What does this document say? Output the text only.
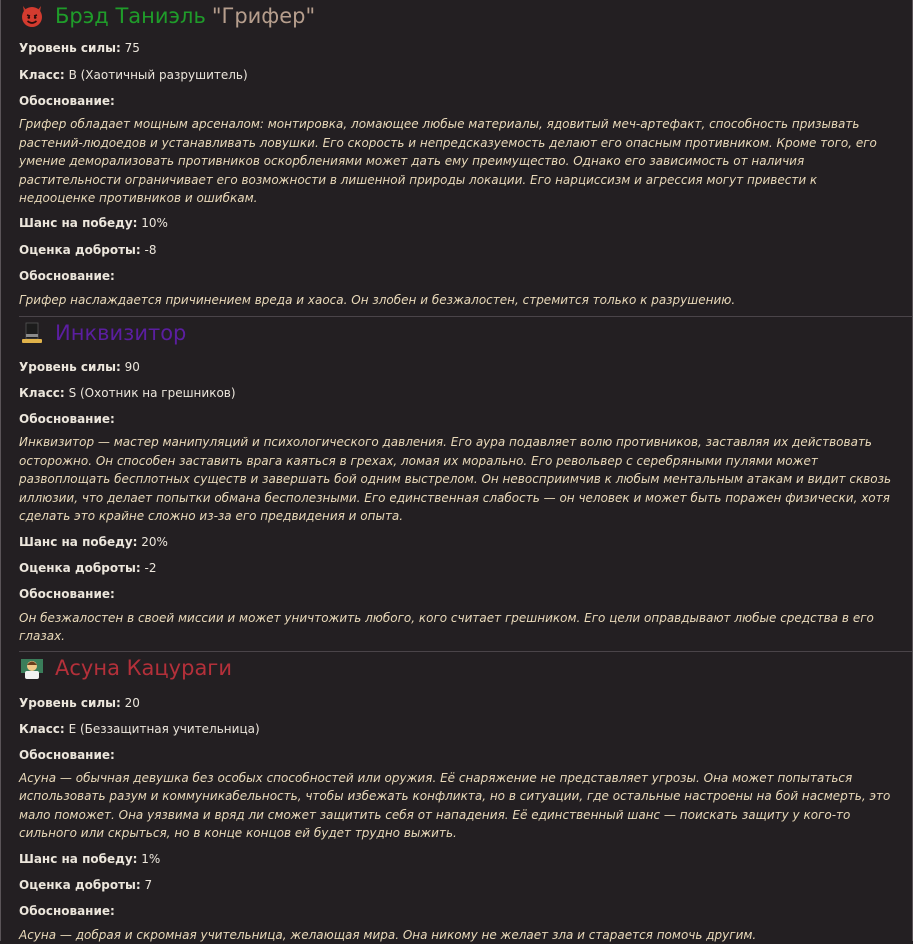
Брэд Таниэль "Грифер"

Уровень силы: 75

Класс: B (Хаотичный разрушитель)

Обоснование:

Грифер обладает мощным арсеналом: монтировка, ломающее любые материалы, ядовитый меч-артефакт, способность призывать растений-людоедов и устанавливать ловушки. Его скорость и непредсказуемость делают его опасным противником. Кроме того, его умение деморализовать противников оскорблениями может дать ему преимущество. Однако его зависимость от наличия растительности ограничивает его возможности в лишенной природы локации. Его нарциссизм и агрессия могут привести к недооценке противников и ошибкам.

Шанс на победу: 10%

Оценка доброты: -8

Обоснование:

Грифер наслаждается причинением вреда и хаоса. Он злобен и безжалостен, стремится только к разрушению.

Инквизитор

Уровень силы: 90

Класс: S (Охотник на грешников)

Обоснование:

Инквизитор — мастер манипуляций и психологического давления. Его аура подавляет волю противников, заставляя их действовать осторожно. Он способен заставить врага каяться в грехах, ломая их морально. Его револьвер с серебряными пулями может развоплощать бесплотных существ и завершать бой одним выстрелом. Он невосприимчив к любым ментальным атакам и видит сквозь иллюзии, что делает попытки обмана бесполезными. Его единственная слабость — он человек и может быть поражен физически, хотя сделать это крайне сложно из-за его предвидения и опыта.

Шанс на победу: 20%

Оценка доброты: -2

Обоснование:

Он безжалостен в своей миссии и может уничтожить любого, кого считает грешником. Его цели оправдывают любые средства в его глазах.

Асуна Кацураги

Уровень силы: 20

Класс: E (Беззащитная учительница)

Обоснование:

Асуна — обычная девушка без особых способностей или оружия. Её снаряжение не представляет угрозы. Она может попытаться использовать разум и коммуникабельность, чтобы избежать конфликта, но в ситуации, где остальные настроены на бой насмерть, это мало поможет. Она уязвима и вряд ли сможет защитить себя от нападения. Её единственный шанс — поискать защиту у кого-то сильного или скрыться, но в конце концов ей будет трудно выжить.

Шанс на победу: 1%

Оценка доброты: 7

Обоснование:

Асуна — добрая и скромная учительница, желающая мира. Она никому не желает зла и старается помочь другим.
